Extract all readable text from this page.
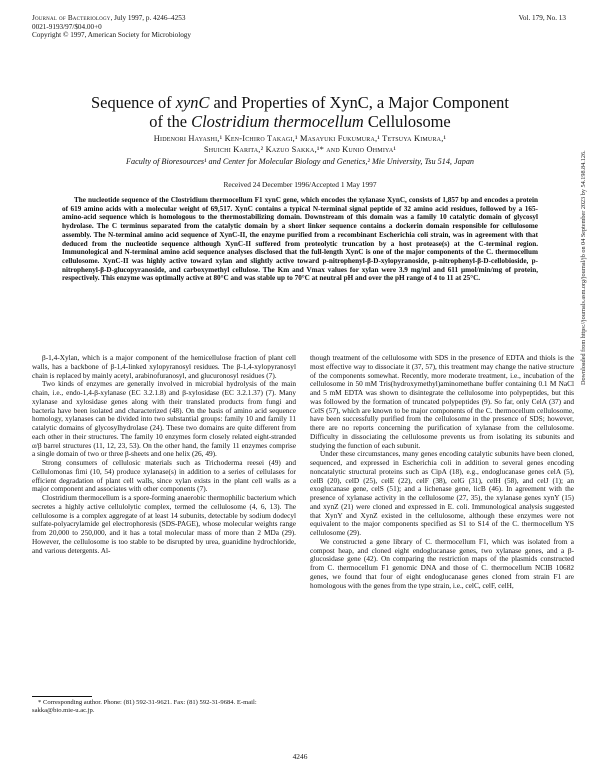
Journal of Bacteriology, July 1997, p. 4246–4253
0021-9193/97/$04.00+0
Copyright © 1997, American Society for Microbiology
Vol. 179, No. 13
Sequence of xynC and Properties of XynC, a Major Component
of the Clostridium thermocellum Cellulosome
Hidenori Hayashi,¹ Ken-Ichiro Takagi,¹ Masayuki Fukumura,¹ Tetsuya Kimura,¹
Shuichi Karita,² Kazuo Sakka,¹* and Kunio Ohmiya¹
Faculty of Bioresources¹ and Center for Molecular Biology and Genetics,² Mie University, Tsu 514, Japan
Received 24 December 1996/Accepted 1 May 1997
The nucleotide sequence of the Clostridium thermocellum F1 xynC gene, which encodes the xylanase XynC, consists of 1,857 bp and encodes a protein of 619 amino acids with a molecular weight of 69,517. XynC contains a typical N-terminal signal peptide of 32 amino acid residues, followed by a 165-amino-acid sequence which is homologous to the thermostabilizing domain. Downstream of this domain was a family 10 catalytic domain of glycosyl hydrolase. The C terminus separated from the catalytic domain by a short linker sequence contains a dockerin domain responsible for cellulosome assembly. The N-terminal amino acid sequence of XynC-II, the enzyme purified from a recombinant Escherichia coli strain, was in agreement with that deduced from the nucleotide sequence although XynC-II suffered from proteolytic truncation by a host protease(s) at the C-terminal region. Immunological and N-terminal amino acid sequence analyses disclosed that the full-length XynC is one of the major components of the C. thermocellum cellulosome. XynC-II was highly active toward xylan and slightly active toward p-nitrophenyl-β-D-xylopyranoside, p-nitrophenyl-β-D-cellobioside, p-nitrophenyl-β-D-glucopyranoside, and carboxymethyl cellulose. The Km and Vmax values for xylan were 3.9 mg/ml and 611 μmol/min/mg of protein, respectively. This enzyme was optimally active at 80°C and was stable up to 70°C at neutral pH and over the pH range of 4 to 11 at 25°C.

β-1,4-Xylan, which is a major component of the hemicellulose fraction of plant cell walls, has a backbone of β-1,4-linked xylopyranosyl residues. The β-1,4-xylopyranosyl chain is replaced by mainly acetyl, arabinofuranosyl, and glucuronosyl residues (7).

Two kinds of enzymes are generally involved in microbial hydrolysis of the main chain, i.e., endo-1,4-β-xylanase (EC 3.2.1.8) and β-xylosidase (EC 3.2.1.37) (7). Many xylanase and xylosidase genes along with their translated products from fungi and bacteria have been isolated and characterized (48). On the basis of amino acid sequence homology, xylanases can be divided into two substantial groups: family 10 and family 11 catalytic domains of glycosylhydrolase (24). These two domains are quite different from each other in their structures. The family 10 enzymes form closely related eight-stranded α/β barrel structures (11, 12, 23, 53). On the other hand, the family 11 enzymes comprise a single domain of two or three β-sheets and one helix (26, 49).

Strong consumers of cellulosic materials such as Trichoderma reesei (49) and Cellulomonas fimi (10, 54) produce xylanase(s) in addition to a series of cellulases for efficient degradation of plant cell walls, since xylan exists in the plant cell walls as a major component and associates with other components (7).

Clostridium thermocellum is a spore-forming anaerobic thermophilic bacterium which secretes a highly active cellulolytic complex, termed the cellulosome (4, 6, 13). The cellulosome is a complex aggregate of at least 14 subunits, detectable by sodium dodecyl sulfate-polyacrylamide gel electrophoresis (SDS-PAGE), whose molecular weights range from 20,000 to 250,000, and it has a total molecular mass of more than 2 MDa (29). However, the cellulosome is too stable to be disrupted by urea, guanidine hydrochloride, and various detergents. Al-

though treatment of the cellulosome with SDS in the presence of EDTA and thiols is the most effective way to dissociate it (37, 57), this treatment may change the native structure of the components somewhat. Recently, more moderate treatment, i.e., incubation of the cellulosome in 50 mM Tris(hydroxymethyl)aminomethane buffer containing 0.1 M NaCl and 5 mM EDTA was shown to disintegrate the cellulosome into polypeptides, but this was followed by the formation of truncated polypeptides (9). So far, only CelA (37) and CelS (57), which are known to be major components of the C. thermocellum cellulosome, have been successfully purified from the cellulosome in the presence of SDS; however, there are no reports concerning the purification of xylanase from the cellulosome. Difficulty in dissociating the cellulosome prevents us from isolating its subunits and studying the function of each subunit.

Under these circumstances, many genes encoding catalytic subunits have been cloned, sequenced, and expressed in Escherichia coli in addition to several genes encoding noncatalytic structural proteins such as CipA (18), e.g., endoglucanase genes celA (5), celB (20), celD (25), celE (22), celF (38), celG (31), celH (58), and celJ (1); an exoglucanase gene, celS (51); and a lichenase gene, licB (46). In agreement with the presence of xylanase activity in the cellulosome (27, 35), the xylanase genes xynY (15) and xynZ (21) were cloned and expressed in E. coli. Immunological analysis suggested that XynY and XynZ existed in the cellulosome, although these enzymes were not equivalent to the major components specified as S1 to S14 of the C. thermocellum YS cellulosome (29).

We constructed a gene library of C. thermocellum F1, which was isolated from a compost heap, and cloned eight endoglucanase genes, two xylanase genes, and a β-glucosidase gene (42). On comparing the restriction maps of the plasmids constructed from C. thermocellum F1 genomic DNA and those of C. thermocellum NCIB 10682 genes, we found that four of eight endoglucanase genes cloned from strain F1 are homologous with the genes from the type strain, i.e., celC, celF, celH,

* Corresponding author. Phone: (81) 592-31-9621. Fax: (81) 592-31-9684. E-mail: sakka@bio.mie-u.ac.jp.
4246
Downloaded from https://journals.asm.org/journal/jb on 04 September 2023 by 54.198.84.126.
